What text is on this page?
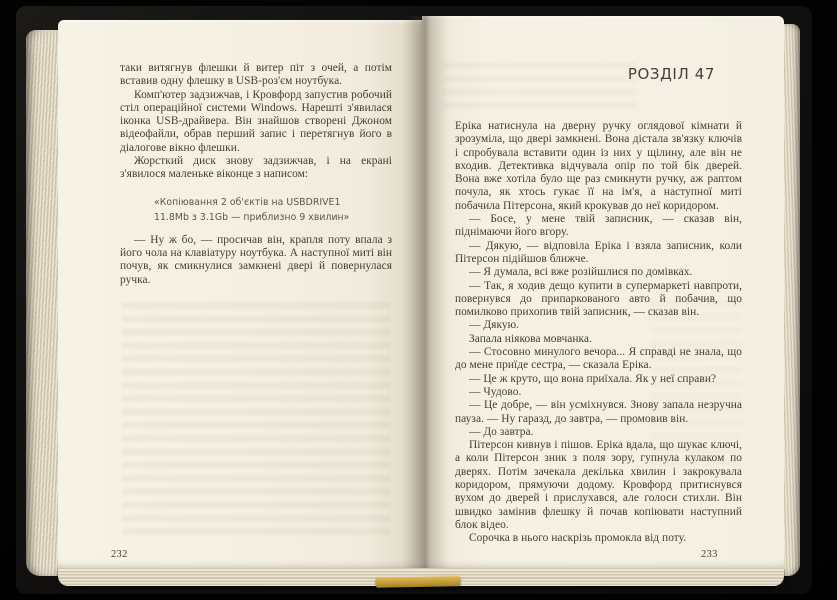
таки витягнув флешки й витер піт з очей, а потім вставив одну флешку в USB-роз'єм ноутбука.

Комп'ютер задзижчав, і Кровфорд запустив робочий стіл операційної системи Windows. Нарешті з'явилася іконка USB-драйвера. Він знайшов створені Джоном відеофайли, обрав перший запис і перетягнув його в діалогове вікно флешки.

Жорсткий диск знову задзижчав, і на екрані з'явилося маленьке віконце з написом:

«Копіювання 2 об'єктів на USBDRIVE1
11.8Mb з 3.1Gb — приблизно 9 хвилин»

— Ну ж бо, — просичав він, крапля поту впала з його чола на клавіатуру ноутбука. А наступної миті він почув, як смикнулися замкнені двері й повернулася ручка.

РОЗДІЛ 47

Еріка натиснула на дверну ручку оглядової кімнати й зрозуміла, що двері замкнені. Вона дістала зв'язку ключів і спробувала вставити один із них у щілину, але він не входив. Детективка відчувала опір по той бік дверей. Вона вже хотіла було ще раз смикнути ручку, аж раптом почула, як хтось гукає її на ім'я, а наступної миті побачила Пітерсона, який крокував до неї коридором.

— Босе, у мене твій записник, — сказав він, піднімаючи його вгору.

— Дякую, — відповіла Еріка і взяла записник, коли Пітерсон підійшов ближче.

— Я думала, всі вже розійшлися по домівках.

— Так, я ходив дещо купити в супермаркеті навпроти, повернувся до припаркованого авто й побачив, що помилково прихопив твій записник, — сказав він.

— Дякую.

Запала ніякова мовчанка.

— Стосовно минулого вечора... Я справді не знала, що до мене приїде сестра, — сказала Еріка.

— Це ж круто, що вона приїхала. Як у неї справи?

— Чудово.

— Це добре, — він усміхнувся. Знову запала незручна пауза. — Ну гаразд, до завтра, — промовив він.

— До завтра.

Пітерсон кивнув і пішов. Еріка вдала, що шукає ключі, а коли Пітерсон зник з поля зору, гупнула кулаком по дверях. Потім зачекала декілька хвилин і закрокувала коридором, прямуючи додому. Кровфорд притиснувся вухом до дверей і прислухався, але голоси стихли. Він швидко замінив флешку й почав копіювати наступний блок відео.

Сорочка в нього наскрізь промокла від поту.

232	233
